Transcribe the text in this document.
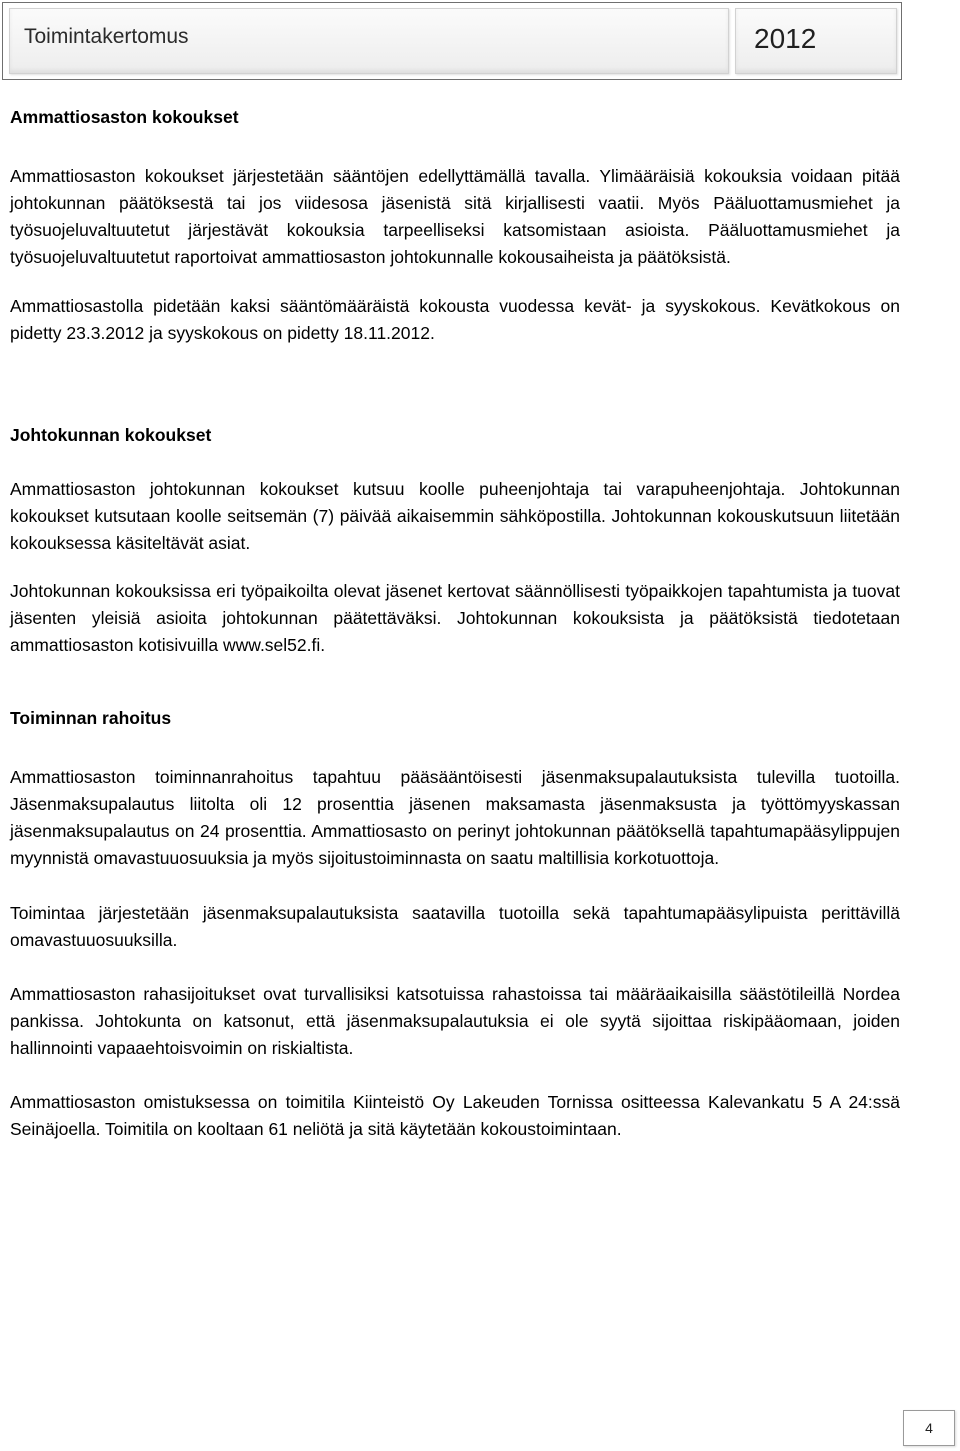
Toimintakertomus	2012
Ammattiosaston kokoukset

Ammattiosaston kokoukset järjestetään sääntöjen edellyttämällä tavalla. Ylimääräisiä kokouksia voidaan pitää johtokunnan päätöksestä tai jos viidesosa jäsenistä sitä kirjallisesti vaatii. Myös Pääluottamusmiehet ja työsuojeluvaltuutetut järjestävät kokouksia tarpeelliseksi katsomistaan asioista. Pääluottamusmiehet ja työsuojeluvaltuutetut raportoivat ammattiosaston johtokunnalle kokousaiheista ja päätöksistä.

Ammattiosastolla pidetään kaksi sääntömääräistä kokousta vuodessa kevät- ja syyskokous. Kevätkokous on pidetty 23.3.2012 ja syyskokous on pidetty 18.11.2012.

Johtokunnan kokoukset

Ammattiosaston johtokunnan kokoukset kutsuu koolle puheenjohtaja tai varapuheenjohtaja. Johtokunnan kokoukset kutsutaan koolle seitsemän (7) päivää aikaisemmin sähköpostilla. Johtokunnan kokouskutsuun liitetään kokouksessa käsiteltävät asiat.

Johtokunnan kokouksissa eri työpaikoilta olevat jäsenet kertovat säännöllisesti työpaikkojen tapahtumista ja tuovat jäsenten yleisiä asioita johtokunnan päätettäväksi. Johtokunnan kokouksista ja päätöksistä tiedotetaan ammattiosaston kotisivuilla www.sel52.fi.

Toiminnan rahoitus

Ammattiosaston toiminnanrahoitus tapahtuu pääsääntöisesti jäsenmaksupalautuksista tulevilla tuotoilla. Jäsenmaksupalautus liitolta oli 12 prosenttia jäsenen maksamasta jäsenmaksusta ja työttömyyskassan jäsenmaksupalautus on 24 prosenttia. Ammattiosasto on perinyt johtokunnan päätöksellä tapahtumapääsylippujen myynnistä omavastuuosuuksia ja myös sijoitustoiminnasta on saatu maltillisia korkotuottoja.

Toimintaa järjestetään jäsenmaksupalautuksista saatavilla tuotoilla sekä tapahtumapääsylipuista perittävillä omavastuuosuuksilla.

Ammattiosaston rahasijoitukset ovat turvallisiksi katsotuissa rahastoissa tai määräaikaisilla säästötileillä Nordea pankissa. Johtokunta on katsonut, että jäsenmaksupalautuksia ei ole syytä sijoittaa riskipääomaan, joiden hallinnointi vapaaehtoisvoimin on riskialtista.

Ammattiosaston omistuksessa on toimitila Kiinteistö Oy Lakeuden Tornissa ositteessa Kalevankatu 5 A 24:ssä Seinäjoella. Toimitila on kooltaan 61 neliötä ja sitä käytetään kokoustoimintaan.

4
